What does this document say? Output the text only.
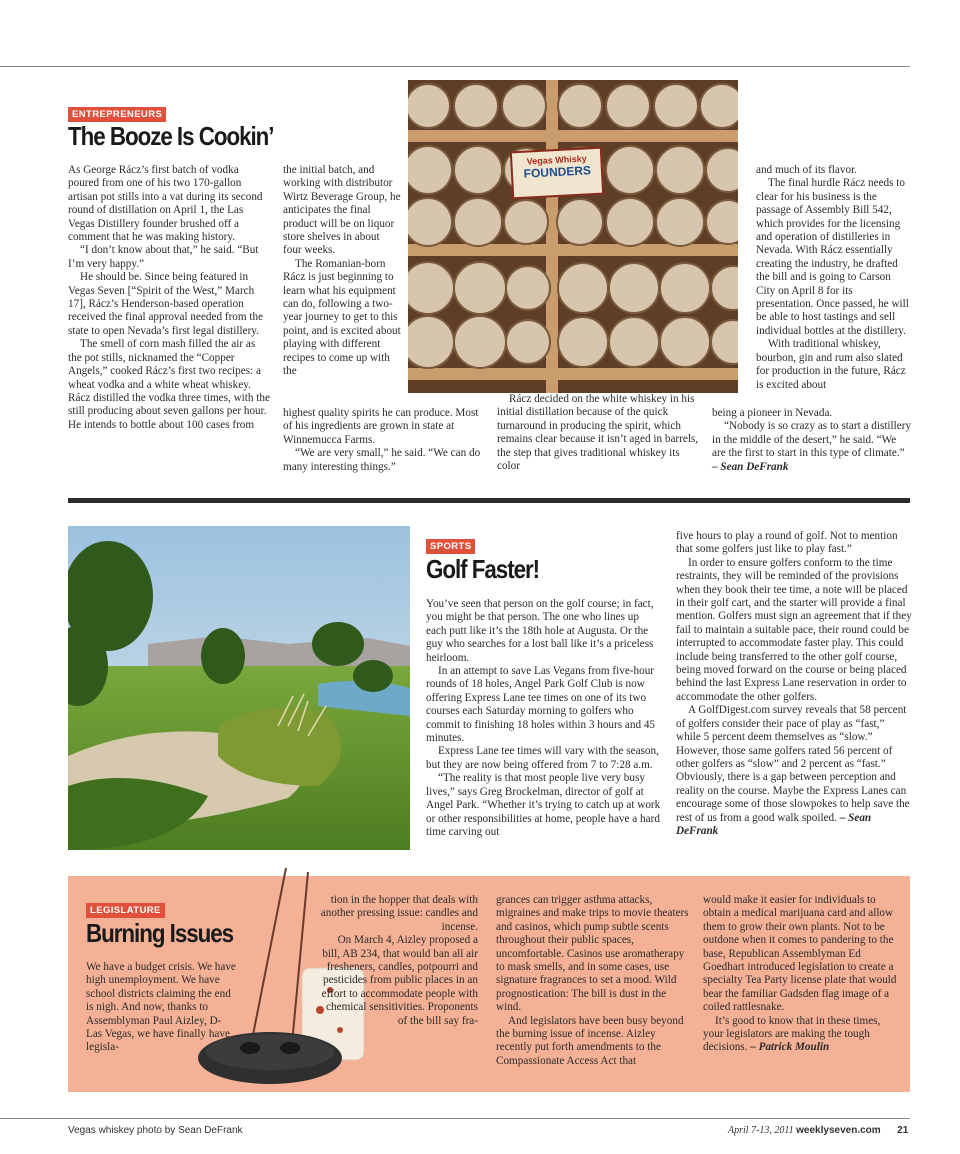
ENTREPRENEURS
The Booze Is Cookin’

As George Rácz’s first batch of vodka poured from one of his two 170-gallon artisan pot stills into a vat during its second round of distillation on April 1, the Las Vegas Distillery founder brushed off a comment that he was making history.

“I don’t know about that,” he said. “But I’m very happy.”

He should be. Since being featured in Vegas Seven [“Spirit of the West,” March 17], Rácz’s Henderson-based operation received the final approval needed from the state to open Nevada’s first legal distillery.

The smell of corn mash filled the air as the pot stills, nicknamed the “Copper Angels,” cooked Rácz’s first two recipes: a wheat vodka and a white wheat whiskey. Rácz distilled the vodka three times, with the still producing about seven gallons per hour. He intends to bottle about 100 cases from

the initial batch, and working with distributor Wirtz Beverage Group, he anticipates the final product will be on liquor store shelves in about four weeks.

The Romanian-born Rácz is just beginning to learn what his equipment can do, following a two-year journey to get to this point, and is excited about playing with different recipes to come up with the

highest quality spirits he can produce. Most of his ingredients are grown in state at Winnemucca Farms.

“We are very small,” he said. “We can do many interesting things.”

Rácz decided on the white whiskey in his initial distillation because of the quick turnaround in producing the spirit, which remains clear because it isn’t aged in barrels, the step that gives traditional whiskey its color

and much of its flavor.

The final hurdle Rácz needs to clear for his business is the passage of Assembly Bill 542, which provides for the licensing and operation of distilleries in Nevada. With Rácz essentially creating the industry, he drafted the bill and is going to Carson City on April 8 for its presentation. Once passed, he will be able to host tastings and sell individual bottles at the distillery.

With traditional whiskey, bourbon, gin and rum also slated for production in the future, Rácz is excited about

being a pioneer in Nevada.

“Nobody is so crazy as to start a distillery in the middle of the desert,” he said. “We are the first to start in this type of climate.” – Sean DeFrank

Vegas Whisky
FOUNDERS
SPORTS
Golf Faster!

You’ve seen that person on the golf course; in fact, you might be that person. The one who lines up each putt like it’s the 18th hole at Augusta. Or the guy who searches for a lost ball like it’s a priceless heirloom.

In an attempt to save Las Vegans from five-hour rounds of 18 holes, Angel Park Golf Club is now offering Express Lane tee times on one of its two courses each Saturday morning to golfers who commit to finishing 18 holes within 3 hours and 45 minutes.

Express Lane tee times will vary with the season, but they are now being offered from 7 to 7:28 a.m.

“The reality is that most people live very busy lives,” says Greg Brockelman, director of golf at Angel Park. “Whether it’s trying to catch up at work or other responsibilities at home, people have a hard time carving out

five hours to play a round of golf. Not to mention that some golfers just like to play fast.”

In order to ensure golfers conform to the time restraints, they will be reminded of the provisions when they book their tee time, a note will be placed in their golf cart, and the starter will provide a final mention. Golfers must sign an agreement that if they fail to maintain a suitable pace, their round could be interrupted to accommodate faster play. This could include being transferred to the other golf course, being moved forward on the course or being placed behind the last Express Lane reservation in order to accommodate the other golfers.

A GolfDigest.com survey reveals that 58 percent of golfers consider their pace of play as “fast,” while 5 percent deem themselves as “slow.” However, those same golfers rated 56 percent of other golfers as “slow” and 2 percent as “fast.” Obviously, there is a gap between perception and reality on the course. Maybe the Express Lanes can encourage some of those slowpokes to help save the rest of us from a good walk spoiled. – Sean DeFrank

LEGISLATURE
Burning Issues

We have a budget crisis. We have high unemployment. We have school districts claiming the end is nigh. And now, thanks to Assemblyman Paul Aizley, D-Las Vegas, we have finally have legisla-

tion in the hopper that deals with another pressing issue: candles and incense.

On March 4, Aizley proposed a bill, AB 234, that would ban all air fresheners, candles, potpourri and pesticides from public places in an effort to accommodate people with chemical sensitivities. Proponents of the bill say fra-

grances can trigger asthma attacks, migraines and make trips to movie theaters and casinos, which pump subtle scents throughout their public spaces, uncomfortable. Casinos use aromatherapy to mask smells, and in some cases, use signature fragrances to set a mood. Wild prognostication: The bill is dust in the wind.

And legislators have been busy beyond the burning issue of incense. Aizley recently put forth amendments to the Compassionate Access Act that

would make it easier for individuals to obtain a medical marijuana card and allow them to grow their own plants. Not to be outdone when it comes to pandering to the base, Republican Assemblyman Ed Goedhart introduced legislation to create a specialty Tea Party license plate that would bear the familiar Gadsden flag image of a coiled rattlesnake.

It’s good to know that in these times, your legislators are making the tough decisions. – Patrick Moulin

Vegas whiskey photo by Sean DeFrank	April 7-13, 2011 weeklyseven.com 21
